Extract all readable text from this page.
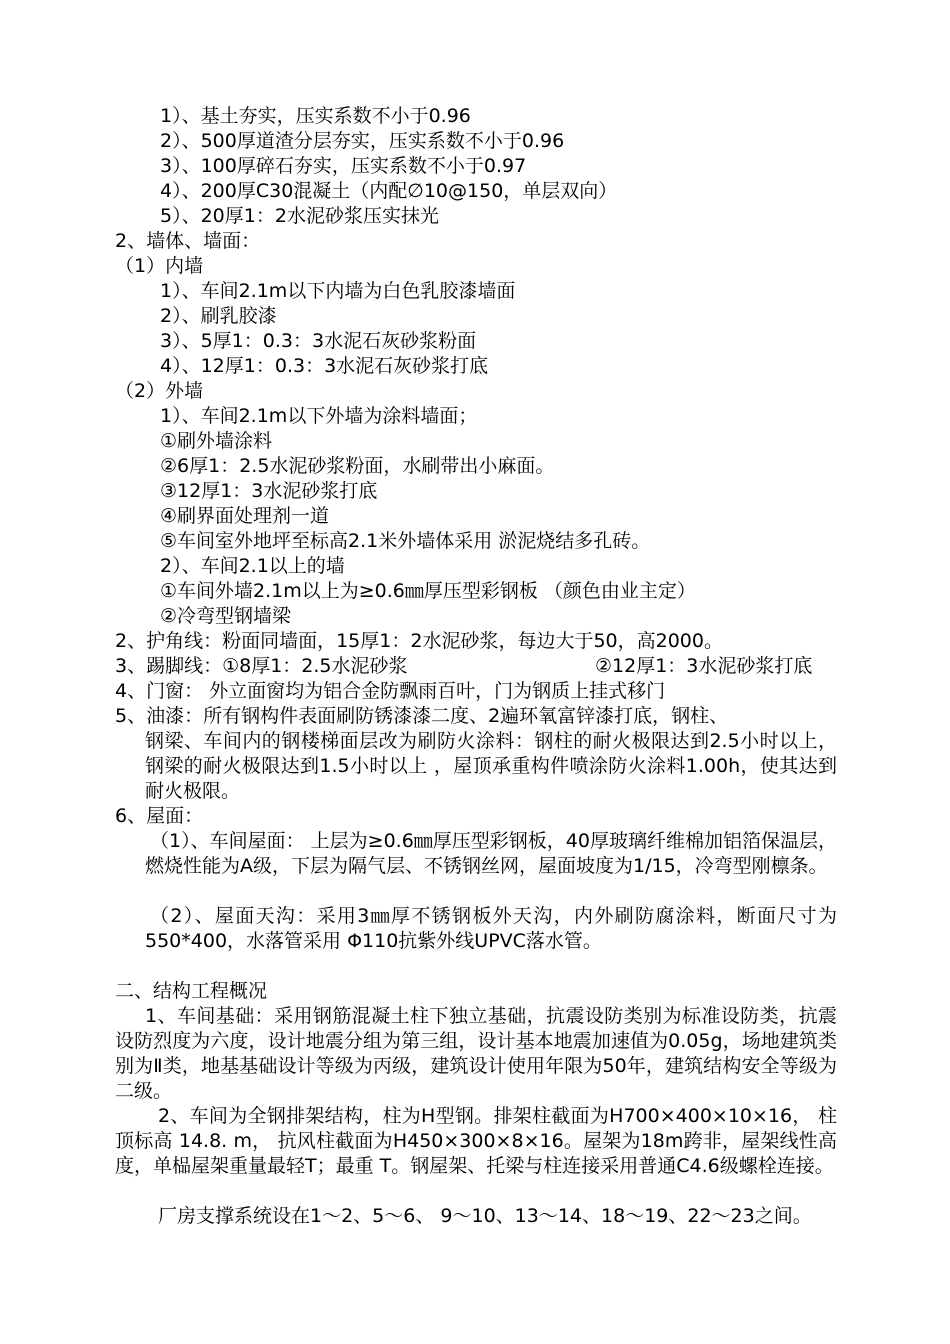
1）、基土夯实，压实系数不小于0.96
2）、500厚道渣分层夯实，压实系数不小于0.96
3）、100厚碎石夯实，压实系数不小于0.97
4）、200厚C30混凝土（内配∅10@150，单层双向）
5）、20厚1：2水泥砂浆压实抹光
2、墙体、墙面：
（1）内墙
1）、车间2.1m以下内墙为白色乳胶漆墙面
2）、刷乳胶漆
3）、5厚1：0.3：3水泥石灰砂浆粉面
4）、12厚1：0.3：3水泥石灰砂浆打底
（2）外墙
1）、车间2.1m以下外墙为涂料墙面；
①刷外墙涂料
②6厚1：2.5水泥砂浆粉面，水刷带出小麻面。
③12厚1：3水泥砂浆打底
④刷界面处理剂一道
⑤车间室外地坪至标高2.1米外墙体采用 淤泥烧结多孔砖。
2）、车间2.1以上的墙
①车间外墙2.1m以上为≥0.6㎜厚压型彩钢板 （颜色由业主定）
②冷弯型钢墙梁
2、护角线：粉面同墙面，15厚1：2水泥砂浆，每边大于50，高2000。
3、踢脚线：①8厚1：2.5水泥砂浆	②12厚1：3水泥砂浆打底
4、门窗： 外立面窗均为铝合金防飘雨百叶，门为钢质上挂式移门
5、油漆：所有钢构件表面刷防锈漆漆二度、2遍环氧富锌漆打底，钢柱、
钢梁、车间内的钢楼梯面层改为刷防火涂料：钢柱的耐火极限达到2.5小时以上，钢梁的耐火极限达到1.5小时以上 ，屋顶承重构件喷涂防火涂料1.00h，使其达到耐火极限。
6、屋面：
（1）、车间屋面： 上层为≥0.6㎜厚压型彩钢板，40厚玻璃纤维棉加铝箔保温层，燃烧性能为A级，下层为隔气层、不锈钢丝网，屋面坡度为1/15，冷弯型刚檩条。
（2）、屋面天沟：采用3㎜厚不锈钢板外天沟，内外刷防腐涂料，断面尺寸为 550*400，水落管采用 Φ110抗紫外线UPVC落水管。
二、结构工程概况
1、车间基础：采用钢筋混凝土柱下独立基础，抗震设防类别为标准设防类，抗震设防烈度为六度，设计地震分组为第三组，设计基本地震加速值为0.05g，场地建筑类别为Ⅱ类，地基基础设计等级为丙级，建筑设计使用年限为50年，建筑结构安全等级为二级。
2、车间为全钢排架结构，柱为H型钢。排架柱截面为H700×400×10×16， 柱顶标高 14.8. m， 抗风柱截面为H450×300×8×16。屋架为18m跨非，屋架线性高度，单榀屋架重量最轻T；最重 T。钢屋架、托梁与柱连接采用普通C4.6级螺栓连接。
厂房支撑系统设在1～2、5～6、 9～10、13～14、18～19、22～23之间。
